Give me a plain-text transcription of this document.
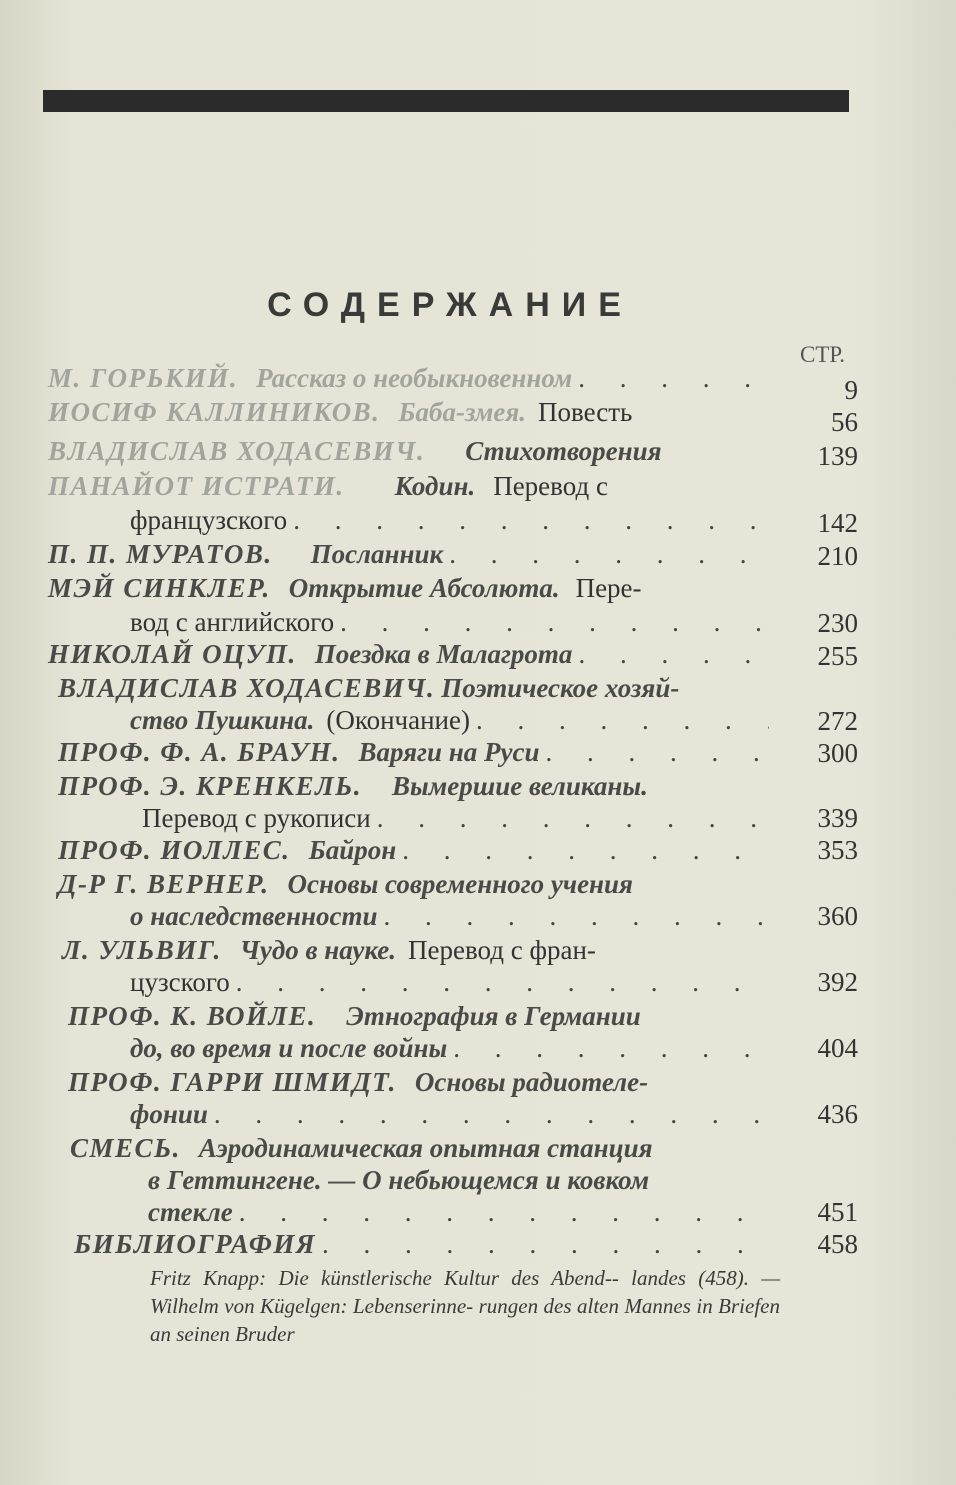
СОДЕРЖАНИЕ
СТР.
М. ГОРЬКИЙ. Рассказ о необыкновенном . . .	9
ИОСИФ КАЛЛИНИКОВ. Баба-змея. Повесть	56
ВЛАДИСЛАВ ХОДАСЕВИЧ. Стихотворения	139
ПАНАЙОТ ИСТРАТИ. Кодин. Перевод с
французского . . .	142
П. П. МУРАТОВ. Посланник . . .	210
МЭЙ СИНКЛЕР. Открытие Абсолюта. Пере-
вод с английского . . .	230
НИКОЛАЙ ОЦУП. Поездка в Малагрота . . .	255
ВЛАДИСЛАВ ХОДАСЕВИЧ. Поэтическое хозяй-
ство Пушкина. (Окончание) . . .	272
ПРОФ. Ф. А. БРАУН. Варяги на Руси . . .	300
ПРОФ. Э. КРЕНКЕЛЬ. Вымершие великаны.
Перевод с рукописи . . .	339
ПРОФ. ИОЛЛЕС. Байрон . . .	353
Д-Р Г. ВЕРНЕР. Основы современного учения
о наследственности . . .	360
Л. УЛЬВИГ. Чудо в науке. Перевод с фран-
цузского . . .	392
ПРОФ. К. ВОЙЛЕ. Этнография в Германии
до, во время и после войны . . .	404
ПРОФ. ГАРРИ ШМИДТ. Основы радиотеле-
фонии . . .	436
СМЕСЬ. Аэродинамическая опытная станция
в Геттингене. — О небьющемся и ковком
стекле . . .	451
БИБЛИОГРАФИЯ . . .	458
Fritz Knapp: Die künstlerische Kultur des Abend-- landes (458). — Wilhelm von Kügelgen: Lebenserinne- rungen des alten Mannes in Briefen an seinen Bruder
